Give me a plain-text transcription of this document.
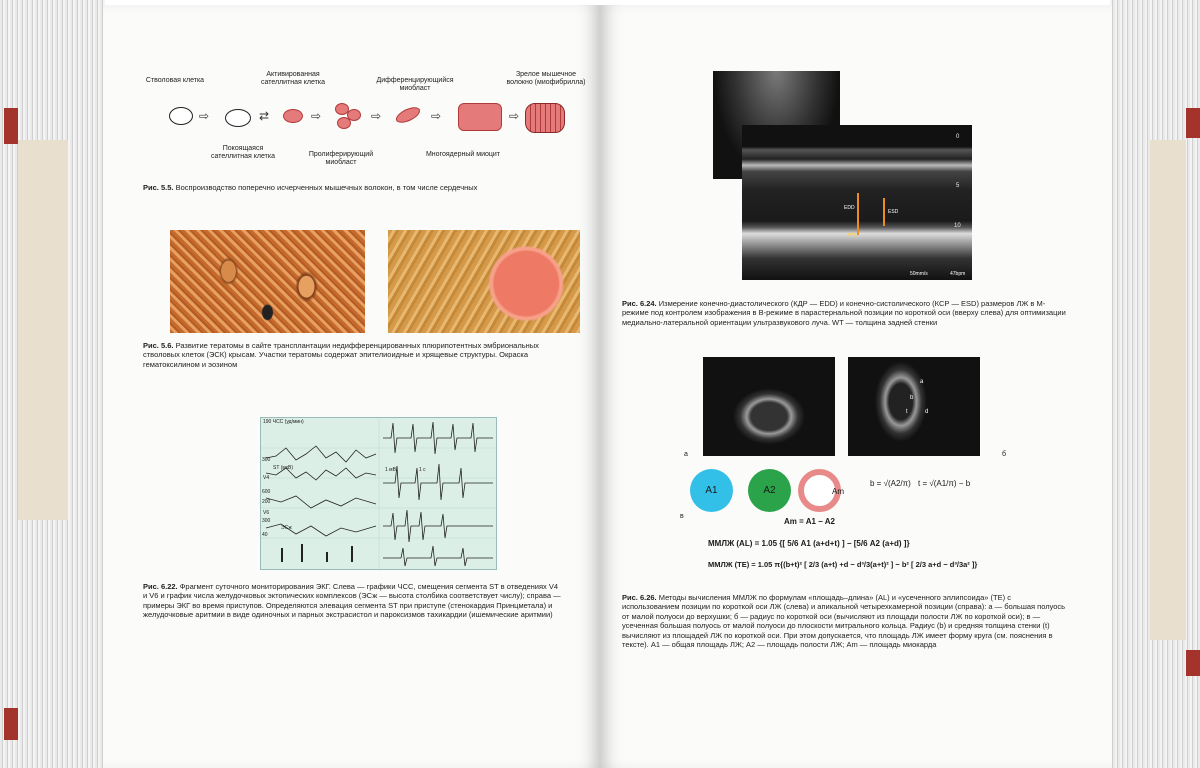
Стволовая клетка
Активированная сателлитная клетка	Дифференцирующийся миобласт
Зрелое мышечное волокно (миофибрилла)
⇨	⇄	⇨	⇨	⇨	⇨
Покоящаяся сателлитная клетка	Пролиферирующий миобласт
Многоядерный миоцит
Рис. 5.5. Воспроизводство поперечно исчерченных мышечных волокон, в том числе сердечных
Рис. 5.6. Развитие тератомы в сайте трансплантации недифференцированных плюрипотентных эмбриональных стволовых клеток (ЭСК) крысам. Участки тератомы содержат эпителиоидные и хрящевые структуры. Окраска гематоксилином и эозином
190 ЧСС (уд/мин)
ST (мкВ)
V4
V6
ЭСж
1 мВ	1 с
300
600
200
300
40
Рис. 6.22. Фрагмент суточного мониторирования ЭКГ. Слева — графики ЧСС, смещения сегмента ST в отведениях V4 и V6 и график числа желудочковых эктопических комплексов (ЭСж — высота столбика соответствует числу); справа — примеры ЭКГ во время приступов. Определяются элевация сегмента ST при приступе (стенокардия Принцметала) и желудочковые аритмии в виде одиночных и парных экстрасистол и пароксизмов тахикардии (ишемические аритмии)
0
5
10
EDD
ESD
WT
50mm/s	47bpm
Рис. 6.24. Измерение конечно-диастолического (КДР — EDD) и конечно-систолического (КСР — ESD) размеров ЛЖ в М-режиме под контролем изображения в В-режиме в парастернальной позиции по короткой оси (вверху слева) для оптимизации медиально-латеральной ориентации ультразвукового луча. WT — толщина задней стенки
a
b
d
t
а	б
в
A1	A2	Am
b = √(A2/π) t = √(A1/π) − b
Am = A1 − A2
ММЛЖ (AL) = 1.05 {[ 5/6 A1 (a+d+t) ] − [5/6 A2 (a+d) ]}
ММЛЖ (TE) = 1.05 π{(b+t)² [ 2/3 (a+t) +d − d³/3(a+t)² ] − b² [ 2/3 a+d − d³/3a² ]}
Рис. 6.26. Методы вычисления ММЛЖ по формулам «площадь–длина» (AL) и «усеченного эллипсоида» (ТЕ) с использованием позиции по короткой оси ЛЖ (слева) и апикальной четырехкамерной позиции (справа): а — большая полуось от малой полуоси до верхушки; б — радиус по короткой оси (вычисляют из площади полости ЛЖ по короткой оси); в — усеченная большая полуось от малой полуоси до плоскости митрального кольца. Радиус (b) и средняя толщина стенки (t) вычисляют из площадей ЛЖ по короткой оси. При этом допускается, что площадь ЛЖ имеет форму круга (см. пояснения в тексте). A1 — общая площадь ЛЖ; A2 — площадь полости ЛЖ; Am — площадь миокарда
